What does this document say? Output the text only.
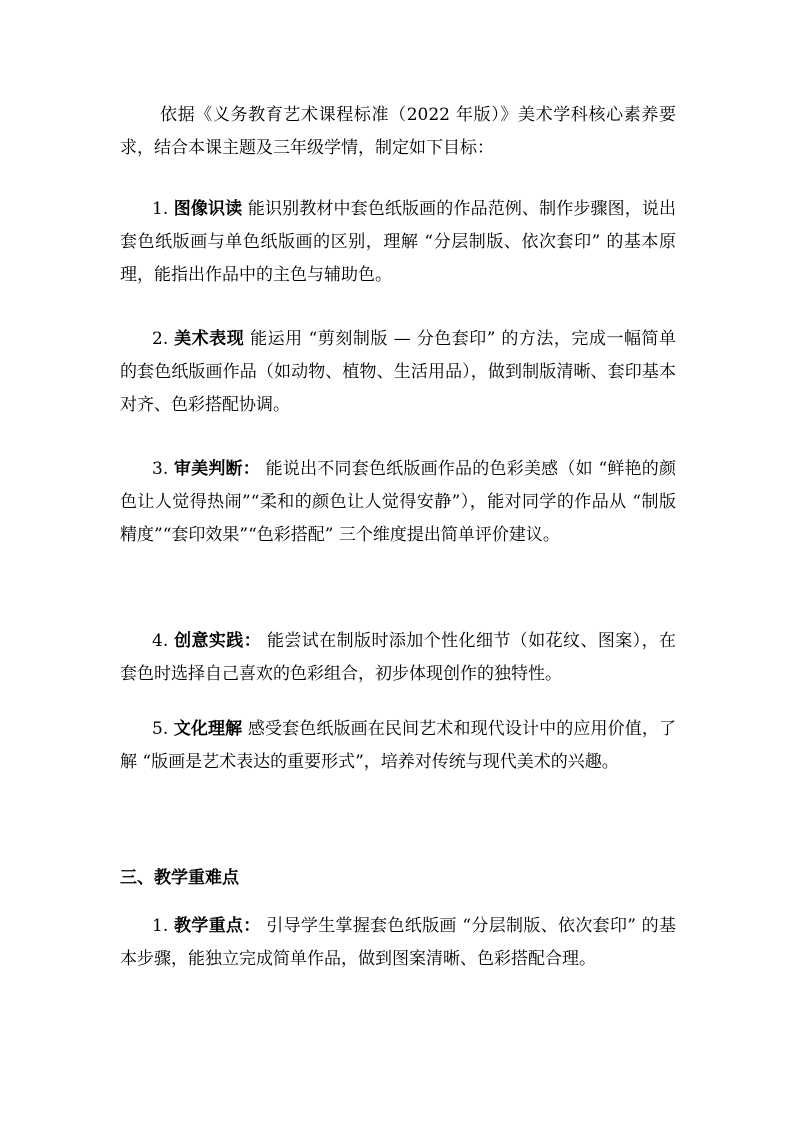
依据《义务教育艺术课程标准（2022 年版）》美术学科核心素养要求，结合本课主题及三年级学情，制定如下目标：

1. 图像识读 能识别教材中套色纸版画的作品范例、制作步骤图，说出套色纸版画与单色纸版画的区别，理解 “分层制版、依次套印” 的基本原理，能指出作品中的主色与辅助色。

2. 美术表现 能运用 “剪刻制版 — 分色套印” 的方法，完成一幅简单的套色纸版画作品（如动物、植物、生活用品），做到制版清晰、套印基本对齐、色彩搭配协调。

3. 审美判断： 能说出不同套色纸版画作品的色彩美感（如 “鲜艳的颜色让人觉得热闹”“柔和的颜色让人觉得安静”），能对同学的作品从 “制版精度”“套印效果”“色彩搭配” 三个维度提出简单评价建议。

4. 创意实践： 能尝试在制版时添加个性化细节（如花纹、图案），在套色时选择自己喜欢的色彩组合，初步体现创作的独特性。

5. 文化理解 感受套色纸版画在民间艺术和现代设计中的应用价值，了解 “版画是艺术表达的重要形式”，培养对传统与现代美术的兴趣。

三、教学重难点

1. 教学重点： 引导学生掌握套色纸版画 “分层制版、依次套印” 的基本步骤，能独立完成简单作品，做到图案清晰、色彩搭配合理。
